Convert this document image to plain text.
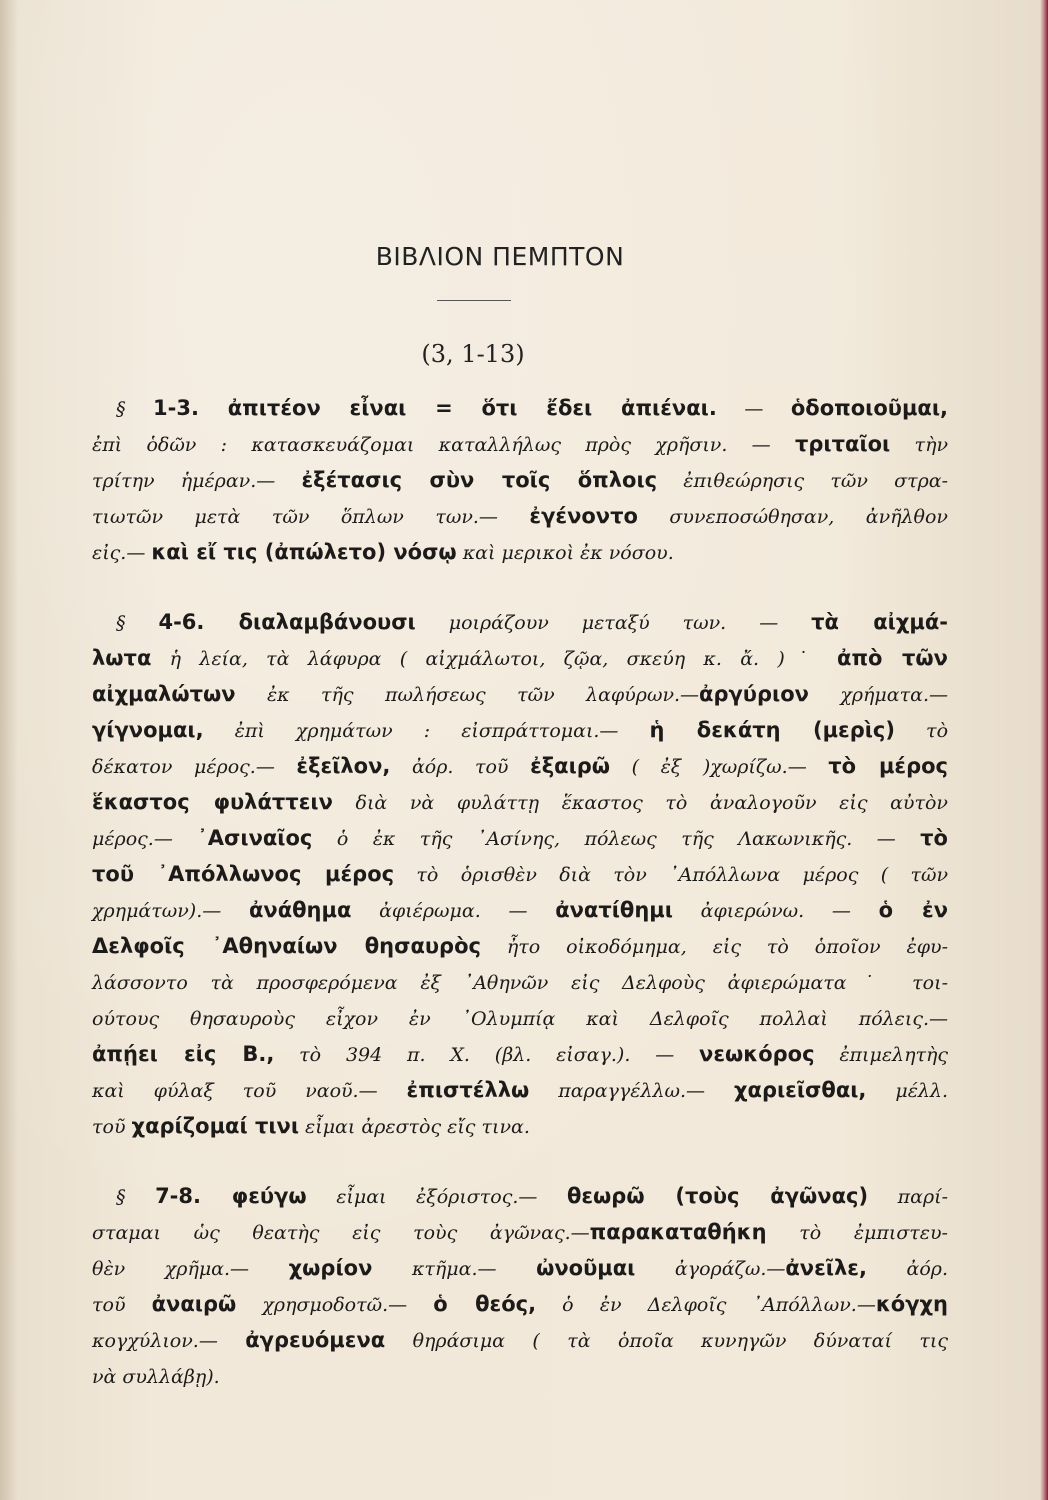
ΒΙΒΛΙΟΝ ΠΕΜΠΤΟΝ
(3, 1-13)
§ 1-3. ἀπιτέον εἶναι = ὅτι ἔδει ἀπιέναι. — ὁδοποιοῦμαι,
ἐπὶ ὁδῶν : κατασκευάζομαι καταλλήλως πρὸς χρῆσιν. — τριταῖοι τὴν
τρίτην ἡμέραν.— ἐξέτασις σὺν τοῖς ὅπλοις ἐπιθεώρησις τῶν στρα-
τιωτῶν μετὰ τῶν ὅπλων των.— ἐγένοντο συνεποσώθησαν, ἀνῆλθον
εἰς.— καὶ εἴ τις (ἀπώλετο) νόσῳ καὶ μερικοὶ ἐκ νόσου.
§ 4-6. διαλαμβάνουσι μοιράζουν μεταξύ των. — τὰ αἰχμά-
λωτα ἡ λεία, τὰ λάφυρα ( αἰχμάλωτοι, ζῷα, σκεύη κ. ἄ. )˙ ἀπὸ τῶν
αἰχμαλώτων ἐκ τῆς πωλήσεως τῶν λαφύρων.—ἀργύριον χρήματα.—
γίγνομαι, ἐπὶ χρημάτων : εἰσπράττομαι.— ἡ δεκάτη (μερὶς) τὸ
δέκατον μέρος.— ἐξεῖλον, ἀόρ. τοῦ ἐξαιρῶ ( ἐξ )χωρίζω.— τὸ μέρος
ἕκαστος φυλάττειν διὰ νὰ φυλάττῃ ἕκαστος τὸ ἀναλογοῦν εἰς αὐτὸν
μέρος.— ᾿Ασιναῖος ὁ ἐκ τῆς ᾿Ασίνης, πόλεως τῆς Λακωνικῆς. — τὸ
τοῦ ᾿Απόλλωνος μέρος τὸ ὁρισθὲν διὰ τὸν ᾿Απόλλωνα μέρος ( τῶν
χρημάτων).— ἀνάθημα ἀφιέρωμα. — ἀνατίθημι ἀφιερώνω. — ὁ ἐν
Δελφοῖς ᾿Αθηναίων θησαυρὸς ἦτο οἰκοδόμημα, εἰς τὸ ὁποῖον ἐφυ-
λάσσοντο τὰ προσφερόμενα ἐξ ᾿Αθηνῶν εἰς Δελφοὺς ἀφιερώματα˙ τοι-
ούτους θησαυροὺς εἶχον ἐν ᾿Ολυμπίᾳ καὶ Δελφοῖς πολλαὶ πόλεις.—
ἀπῄει εἰς Β., τὸ 394 π. Χ. (βλ. εἰσαγ.). — νεωκόρος ἐπιμελητὴς
καὶ φύλαξ τοῦ ναοῦ.— ἐπιστέλλω παραγγέλλω.— χαριεῖσθαι, μέλλ.
τοῦ χαρίζομαί τινι εἶμαι ἀρεστὸς εἴς τινα.
§ 7-8. φεύγω εἶμαι ἐξόριστος.— θεωρῶ (τοὺς ἀγῶνας) παρί-
σταμαι ὡς θεατὴς εἰς τοὺς ἀγῶνας.—παρακαταθήκη τὸ ἐμπιστευ-
θὲν χρῆμα.— χωρίον κτῆμα.— ὠνοῦμαι ἀγοράζω.—ἀνεῖλε, ἀόρ.
τοῦ ἀναιρῶ χρησμοδοτῶ.— ὁ θεός, ὁ ἐν Δελφοῖς ᾿Απόλλων.—κόγχη
κογχύλιον.— ἀγρευόμενα θηράσιμα ( τὰ ὁποῖα κυνηγῶν δύναταί τις
νὰ συλλάβῃ).
